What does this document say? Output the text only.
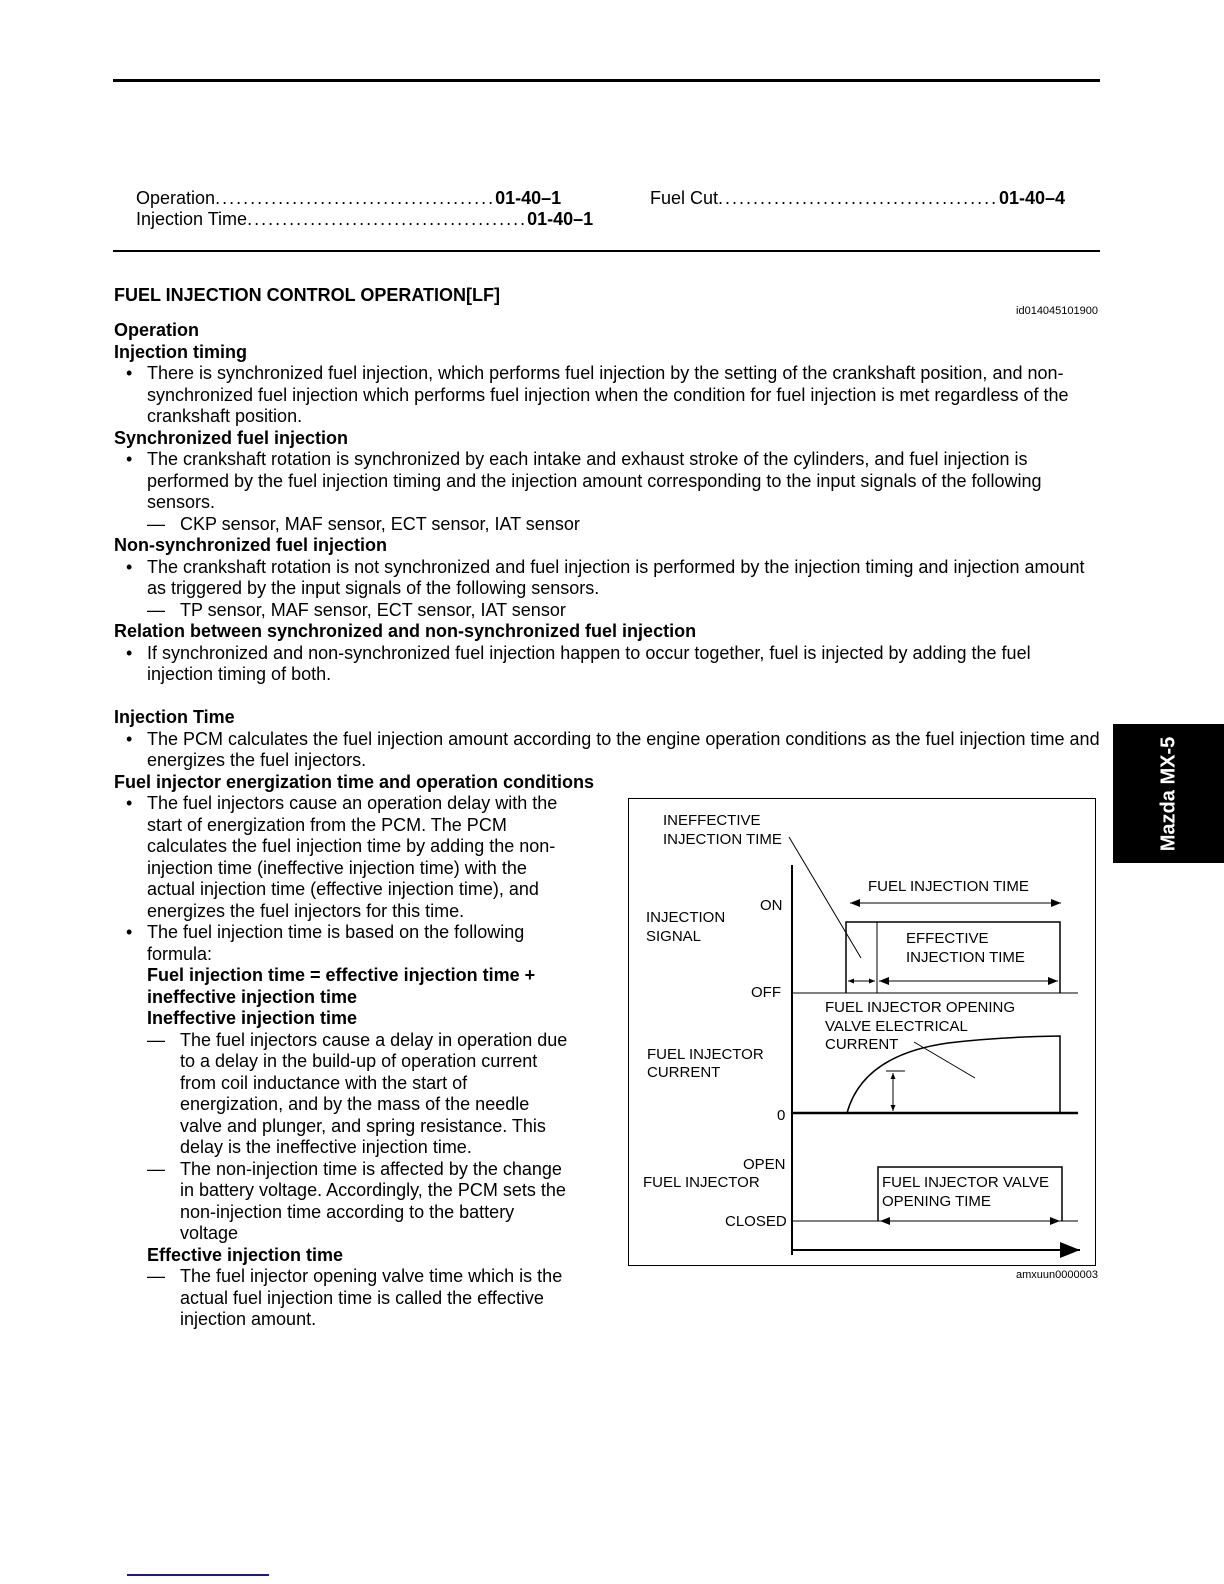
Operation ........................................ 01-40–1
Injection Time ........................................ 01-40–1
Fuel Cut ........................................ 01-40–4
FUEL INJECTION CONTROL OPERATION[LF]
id014045101900
Operation
Injection timing
• There is synchronized fuel injection, which performs fuel injection by the setting of the crankshaft position, and non-synchronized fuel injection which performs fuel injection when the condition for fuel injection is met regardless of the crankshaft position.
Synchronized fuel injection
• The crankshaft rotation is synchronized by each intake and exhaust stroke of the cylinders, and fuel injection is performed by the fuel injection timing and the injection amount corresponding to the input signals of the following sensors.
— CKP sensor, MAF sensor, ECT sensor, IAT sensor
Non-synchronized fuel injection
• The crankshaft rotation is not synchronized and fuel injection is performed by the injection timing and injection amount as triggered by the input signals of the following sensors.
— TP sensor, MAF sensor, ECT sensor, IAT sensor
Relation between synchronized and non-synchronized fuel injection
• If synchronized and non-synchronized fuel injection happen to occur together, fuel is injected by adding the fuel injection timing of both.
Injection Time
• The PCM calculates the fuel injection amount according to the engine operation conditions as the fuel injection time and energizes the fuel injectors.
Fuel injector energization time and operation conditions
• The fuel injectors cause an operation delay with the start of energization from the PCM. The PCM calculates the fuel injection time by adding the non-injection time (ineffective injection time) with the actual injection time (effective injection time), and energizes the fuel injectors for this time.
• The fuel injection time is based on the following formula:
Fuel injection time = effective injection time + ineffective injection time
Ineffective injection time
— The fuel injectors cause a delay in operation due to a delay in the build-up of operation current from coil inductance with the start of energization, and by the mass of the needle valve and plunger, and spring resistance. This delay is the ineffective injection time.
— The non-injection time is affected by the change in battery voltage. Accordingly, the PCM sets the non-injection time according to the battery voltage
Effective injection time
— The fuel injector opening valve time which is the actual fuel injection time is called the effective injection amount.
INEFFECTIVE
INJECTION TIME
FUEL INJECTION TIME
ON
INJECTION
SIGNAL	EFFECTIVE
INJECTION TIME
OFF
FUEL INJECTOR OPENING
VALVE ELECTRICAL
CURRENT
FUEL INJECTOR
CURRENT
0
OPEN
FUEL INJECTOR	FUEL INJECTOR VALVE
OPENING TIME
CLOSED
amxuun0000003
Mazda MX-5
